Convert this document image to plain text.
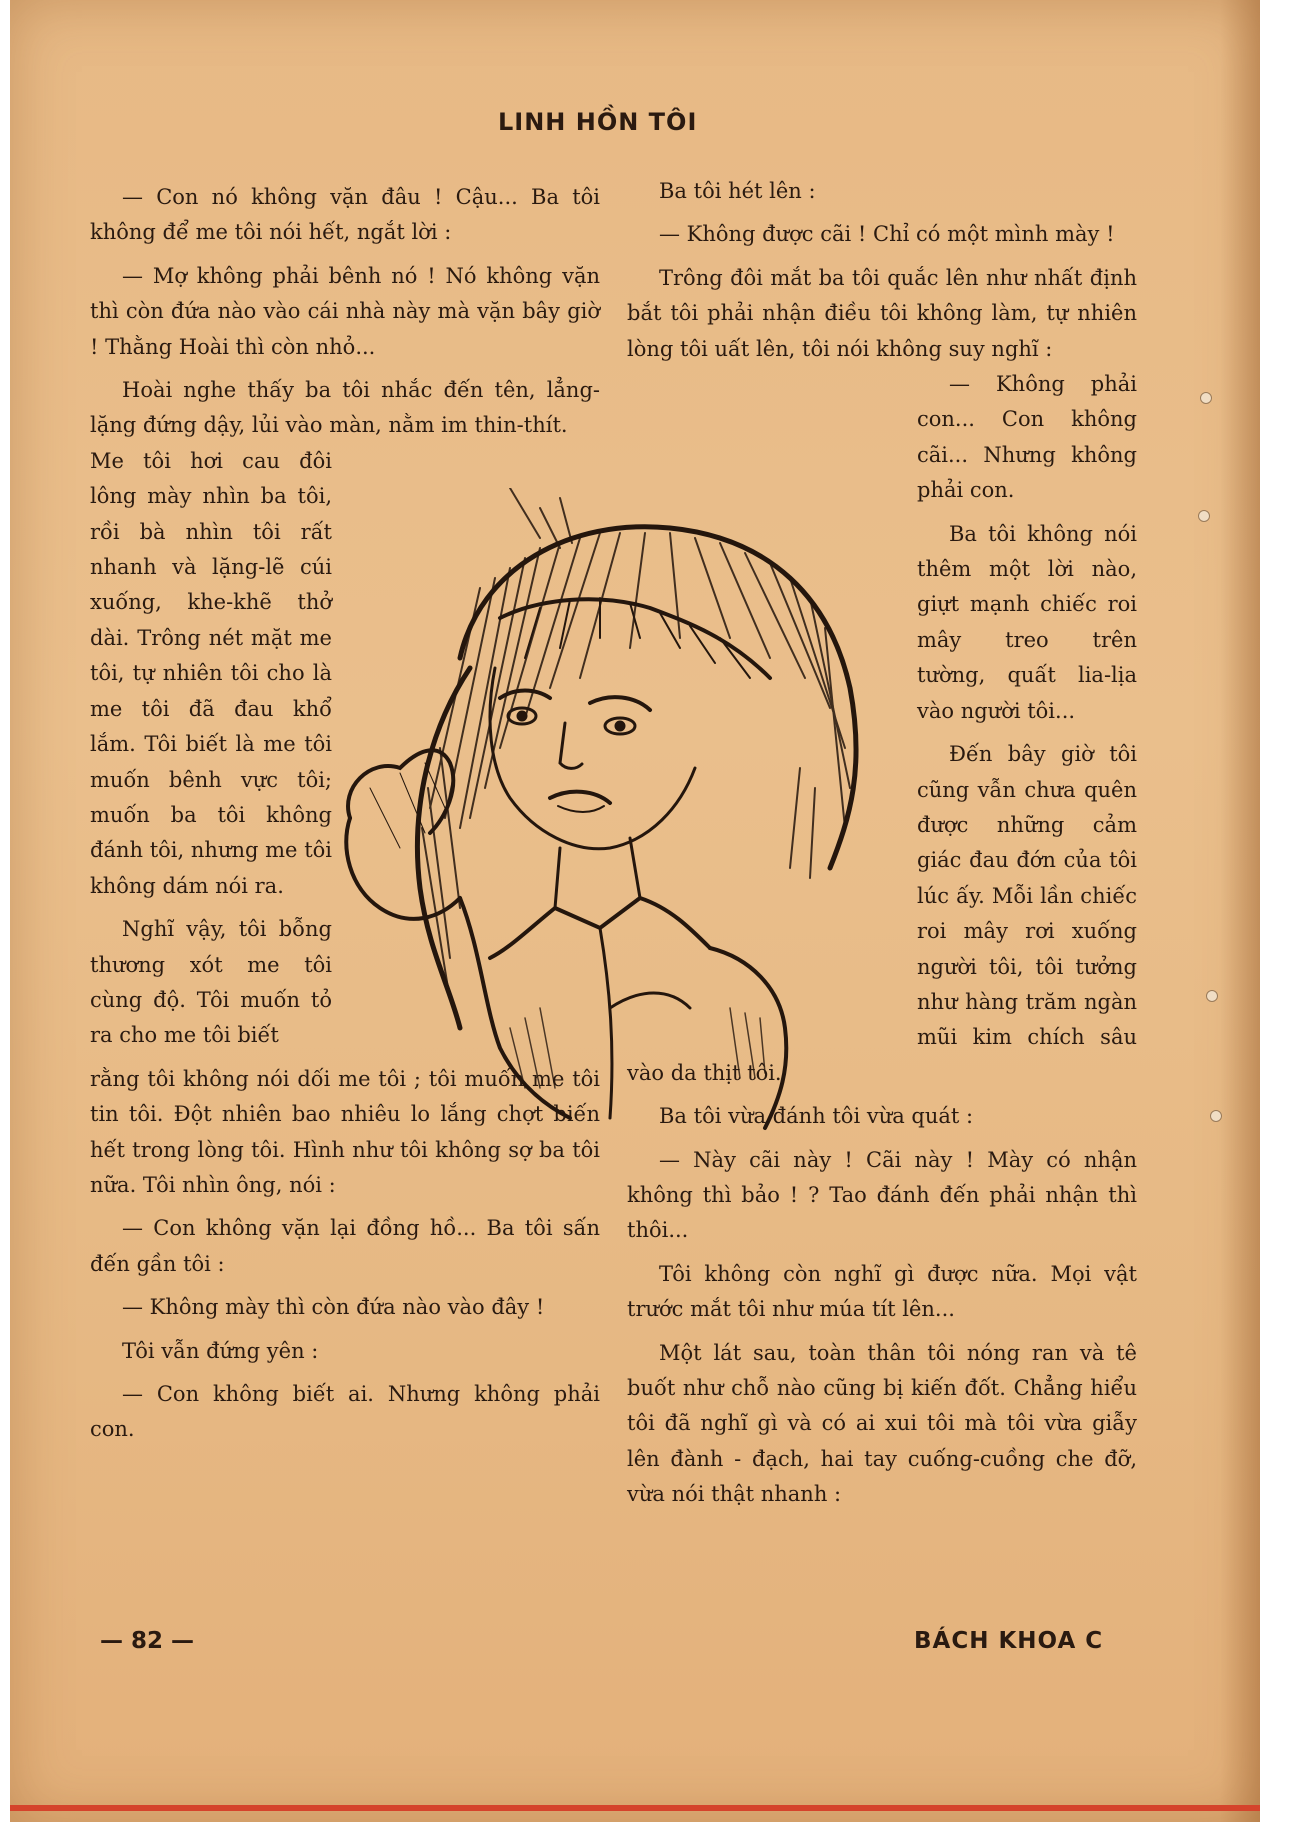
LINH HỒN TÔI

— Con nó không vặn đâu ! Cậu... Ba tôi không để me tôi nói hết, ngắt lời :

— Mợ không phải bênh nó ! Nó không vặn thì còn đứa nào vào cái nhà này mà vặn bây giờ ! Thằng Hoài thì còn nhỏ...

Hoài nghe thấy ba tôi nhắc đến tên, lẳng-lặng đứng dậy, lủi vào màn, nằm im thin-thít.

Me tôi hơi cau đôi lông mày nhìn ba tôi, rồi bà nhìn tôi rất nhanh và lặng-lẽ cúi xuống, khe-khẽ thở dài. Trông nét mặt me tôi, tự nhiên tôi cho là me tôi đã đau khổ lắm. Tôi biết là me tôi muốn bênh vực tôi; muốn ba tôi không đánh tôi, nhưng me tôi không dám nói ra.

Nghĩ vậy, tôi bỗng thương xót me tôi cùng độ. Tôi muốn tỏ ra cho me tôi biết

rằng tôi không nói dối me tôi ; tôi muốn me tôi tin tôi. Đột nhiên bao nhiêu lo lắng chợt biến hết trong lòng tôi. Hình như tôi không sợ ba tôi nữa. Tôi nhìn ông, nói :

— Con không vặn lại đồng hồ... Ba tôi sấn đến gần tôi :

— Không mày thì còn đứa nào vào đây !

Tôi vẫn đứng yên :

— Con không biết ai. Nhưng không phải con.

Ba tôi hét lên :

— Không được cãi ! Chỉ có một mình mày !

Trông đôi mắt ba tôi quắc lên như nhất định bắt tôi phải nhận điều tôi không làm, tự nhiên lòng tôi uất lên, tôi nói không suy nghĩ :

— Không phải con... Con không cãi... Nhưng không phải con.

Ba tôi không nói thêm một lời nào, giựt mạnh chiếc roi mây treo trên tường, quất lia-lịa vào người tôi...

Đến bây giờ tôi cũng vẫn chưa quên được những cảm giác đau đớn của tôi lúc ấy. Mỗi lần chiếc roi mây rơi xuống người tôi, tôi tưởng như hàng trăm ngàn mũi kim chích sâu vào da thịt tôi.

Ba tôi vừa đánh tôi vừa quát :

— Này cãi này ! Cãi này ! Mày có nhận không thì bảo ! ? Tao đánh đến phải nhận thì thôi...

Tôi không còn nghĩ gì được nữa. Mọi vật trước mắt tôi như múa tít lên...

Một lát sau, toàn thân tôi nóng ran và tê buốt như chỗ nào cũng bị kiến đốt. Chẳng hiểu tôi đã nghĩ gì và có ai xui tôi mà tôi vừa giẫy lên đành - đạch, hai tay cuống-cuồng che đỡ, vừa nói thật nhanh :

— 82 —	BÁCH KHOA C
